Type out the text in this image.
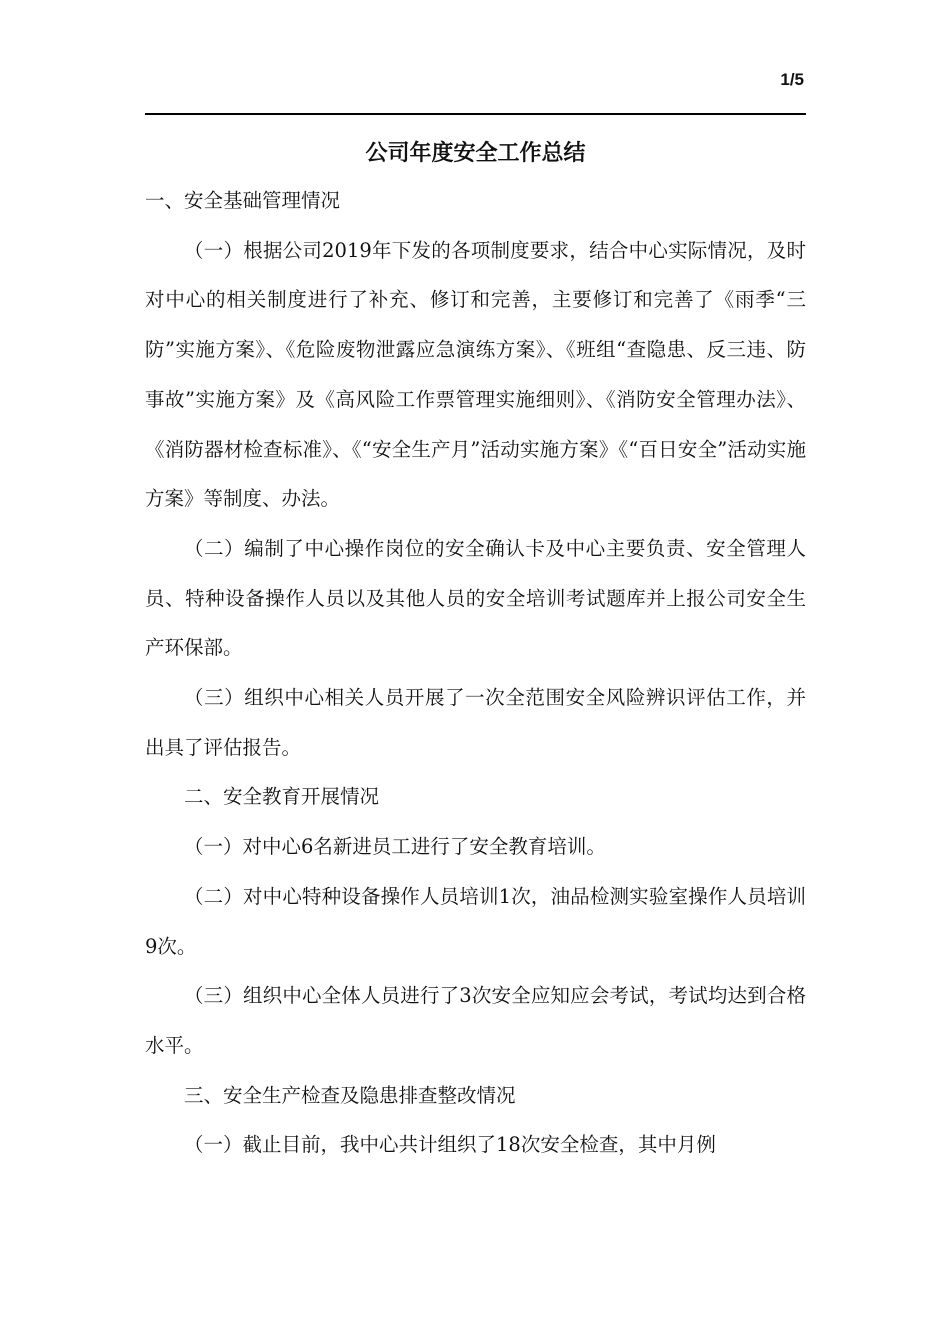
1/5
公司年度安全工作总结

一、安全基础管理情况

（一）根据公司2019年下发的各项制度要求，结合中心实际情况，及时对中心的相关制度进行了补充、修订和完善，主要修订和完善了《雨季“三防”实施方案》、《危险废物泄露应急演练方案》、《班组“查隐患、反三违、防事故”实施方案》及《高风险工作票管理实施细则》、《消防安全管理办法》、《消防器材检查标准》、《“安全生产月”活动实施方案》《“百日安全”活动实施方案》等制度、办法。

（二）编制了中心操作岗位的安全确认卡及中心主要负责、安全管理人员、特种设备操作人员以及其他人员的安全培训考试题库并上报公司安全生产环保部。

（三）组织中心相关人员开展了一次全范围安全风险辨识评估工作，并出具了评估报告。

二、安全教育开展情况

（一）对中心6名新进员工进行了安全教育培训。

（二）对中心特种设备操作人员培训1次，油品检测实验室操作人员培训9次。

（三）组织中心全体人员进行了3次安全应知应会考试，考试均达到合格水平。

三、安全生产检查及隐患排查整改情况

（一）截止目前，我中心共计组织了18次安全检查，其中月例
